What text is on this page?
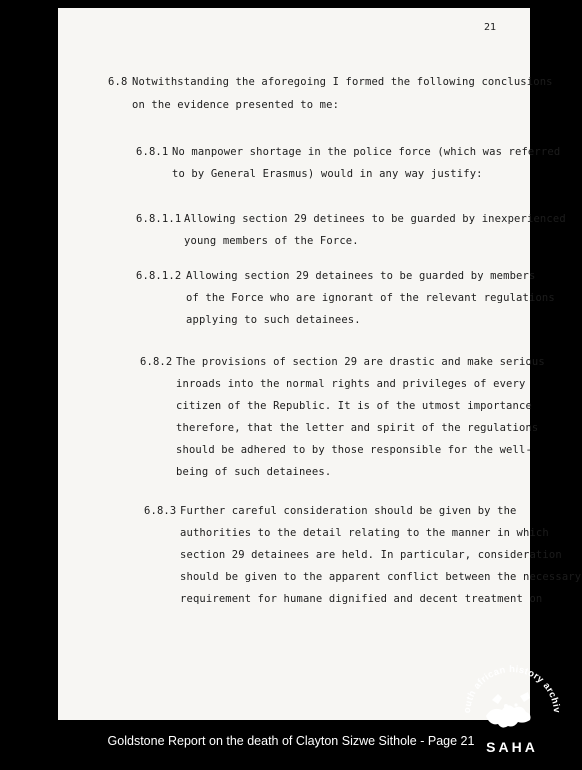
21
6.8 Notwithstanding the aforegoing I formed the following conclusions
on the evidence presented to me:
6.8.1 No manpower shortage in the police force (which was referred
to by General Erasmus) would in any way justify:
6.8.1.1 Allowing section 29 detinees to be guarded by inexperienced
young members of the Force.
6.8.1.2 Allowing section 29 detainees to be guarded by members
of the Force who are ignorant of the relevant regulations
applying to such detainees.
6.8.2 The provisions of section 29 are drastic and make serious
inroads into the normal rights and privileges of every
citizen of the Republic. It is of the utmost importance
therefore, that the letter and spirit of the regulations
should be adhered to by those responsible for the well-
being of such detainees.
6.8.3 Further careful consideration should be given by the
authorities to the detail relating to the manner in which
section 29 detainees are held. In particular, consideration
should be given to the apparent conflict between the necessary
requirement for humane dignified and decent treatment on
Goldstone Report on the death of Clayton Sizwe Sithole - Page 21
outh african history archiv
SAHA
